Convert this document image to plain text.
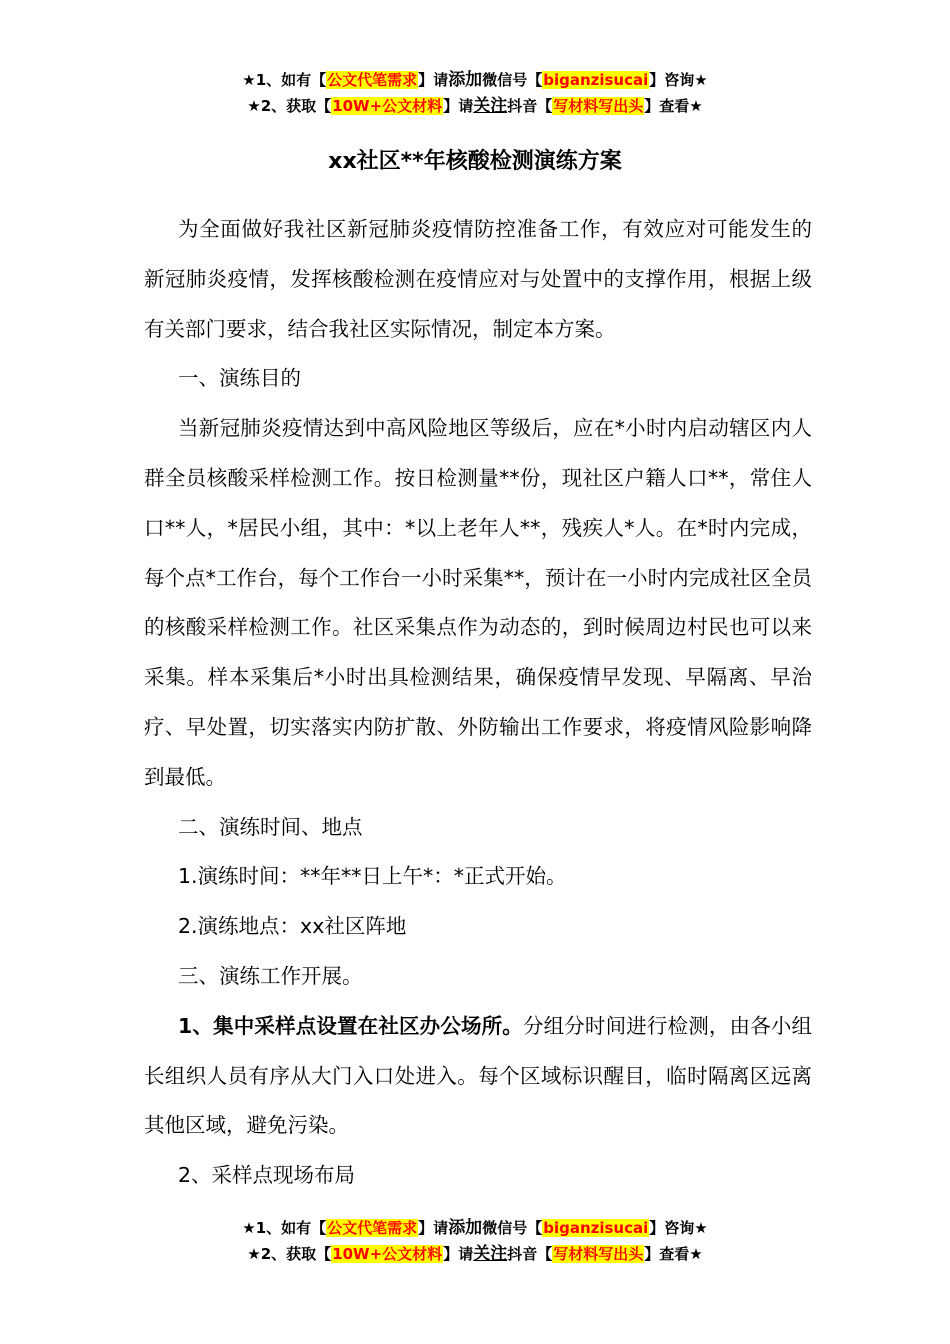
★1、如有【公文代笔需求】请添加微信号【biganzisucai】咨询★
★2、获取【10W+公文材料】请关注抖音【写材料写出头】查看★
xx社区**年核酸检测演练方案

为全面做好我社区新冠肺炎疫情防控准备工作，有效应对可能发生的新冠肺炎疫情，发挥核酸检测在疫情应对与处置中的支撑作用，根据上级有关部门要求，结合我社区实际情况，制定本方案。

一、演练目的

当新冠肺炎疫情达到中高风险地区等级后，应在*小时内启动辖区内人群全员核酸采样检测工作。按日检测量**份，现社区户籍人口**，常住人口**人，*居民小组，其中：*以上老年人**，残疾人*人。在*时内完成，每个点*工作台，每个工作台一小时采集**，预计在一小时内完成社区全员的核酸采样检测工作。社区采集点作为动态的，到时候周边村民也可以来采集。样本采集后*小时出具检测结果，确保疫情早发现、早隔离、早治疗、早处置，切实落实内防扩散、外防输出工作要求，将疫情风险影响降到最低。

二、演练时间、地点

1.演练时间：**年**日上午*：*正式开始。

2.演练地点：xx社区阵地

三、演练工作开展。

1、集中采样点设置在社区办公场所。分组分时间进行检测，由各小组长组织人员有序从大门入口处进入。每个区域标识醒目，临时隔离区远离其他区域，避免污染。

2、采样点现场布局

★1、如有【公文代笔需求】请添加微信号【biganzisucai】咨询★
★2、获取【10W+公文材料】请关注抖音【写材料写出头】查看★
